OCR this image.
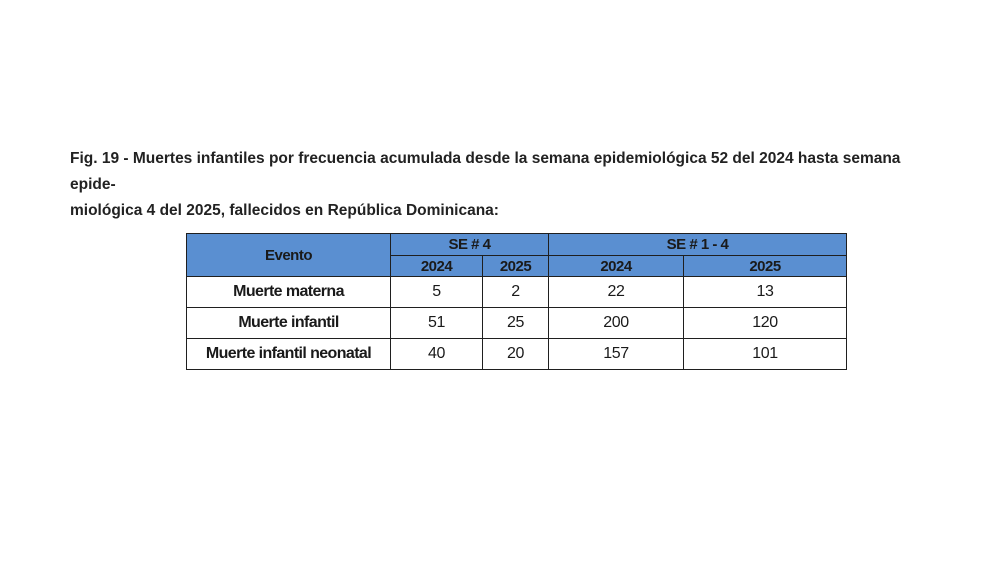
Fig. 19 - Muertes infantiles por frecuencia acumulada desde la semana epidemiológica 52 del 2024 hasta semana epide-
miológica 4 del 2025, fallecidos en República Dominicana:

Evento	SE # 4		SE # 1 - 4	
	2024	2025	2024	2025
Muerte materna	5	2	22	13
Muerte infantil	51	25	200	120
Muerte infantil neonatal	40	20	157	101
